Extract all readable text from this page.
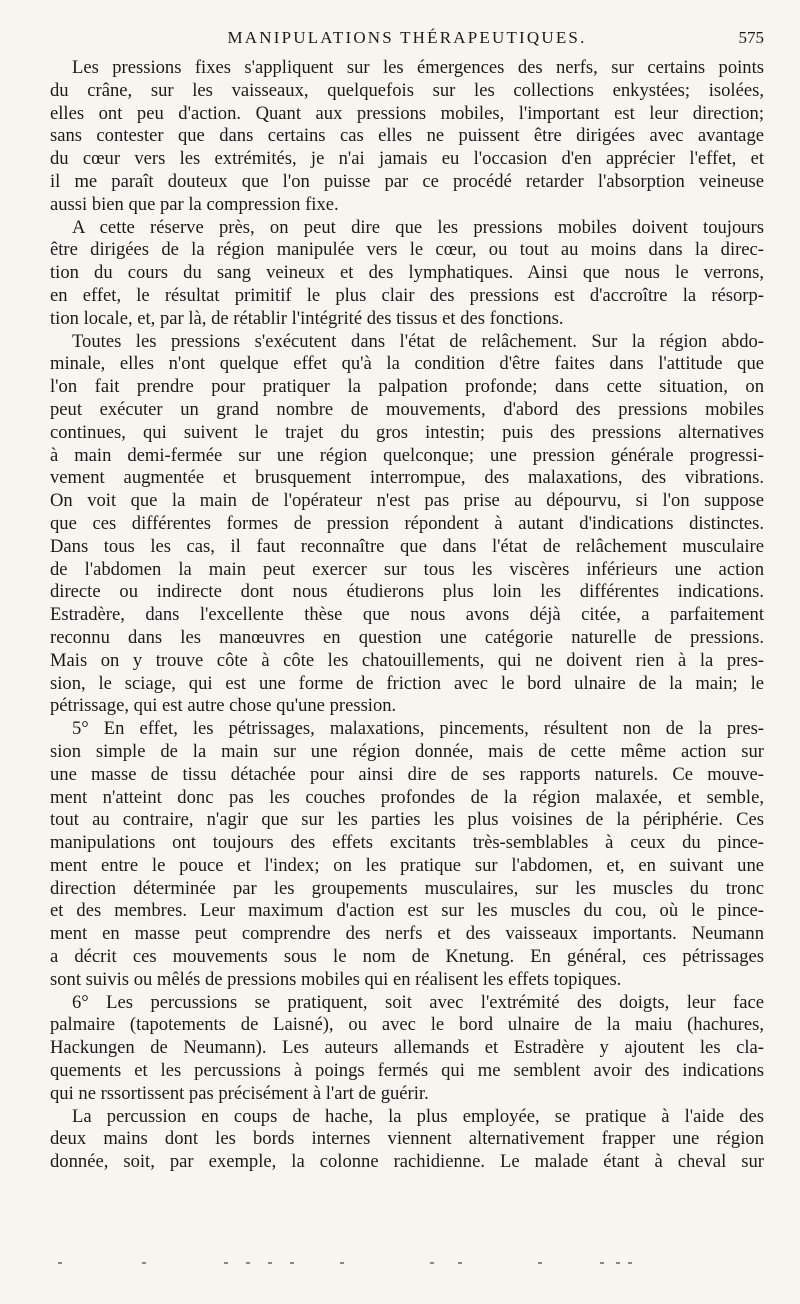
MANIPULATIONS THÉRAPEUTIQUES.	575
Les pressions fixes s'appliquent sur les émergences des nerfs, sur certains points
du crâne, sur les vaisseaux, quelquefois sur les collections enkystées; isolées,
elles ont peu d'action. Quant aux pressions mobiles, l'important est leur direction;
sans contester que dans certains cas elles ne puissent être dirigées avec avantage
du cœur vers les extrémités, je n'ai jamais eu l'occasion d'en apprécier l'effet, et
il me paraît douteux que l'on puisse par ce procédé retarder l'absorption veineuse
aussi bien que par la compression fixe.
A cette réserve près, on peut dire que les pressions mobiles doivent toujours
être dirigées de la région manipulée vers le cœur, ou tout au moins dans la direc-
tion du cours du sang veineux et des lymphatiques. Ainsi que nous le verrons,
en effet, le résultat primitif le plus clair des pressions est d'accroître la résorp-
tion locale, et, par là, de rétablir l'intégrité des tissus et des fonctions.
Toutes les pressions s'exécutent dans l'état de relâchement. Sur la région abdo-
minale, elles n'ont quelque effet qu'à la condition d'être faites dans l'attitude que
l'on fait prendre pour pratiquer la palpation profonde; dans cette situation, on
peut exécuter un grand nombre de mouvements, d'abord des pressions mobiles
continues, qui suivent le trajet du gros intestin; puis des pressions alternatives
à main demi-fermée sur une région quelconque; une pression générale progressi-
vement augmentée et brusquement interrompue, des malaxations, des vibrations.
On voit que la main de l'opérateur n'est pas prise au dépourvu, si l'on suppose
que ces différentes formes de pression répondent à autant d'indications distinctes.
Dans tous les cas, il faut reconnaître que dans l'état de relâchement musculaire
de l'abdomen la main peut exercer sur tous les viscères inférieurs une action
directe ou indirecte dont nous étudierons plus loin les différentes indications.
Estradère, dans l'excellente thèse que nous avons déjà citée, a parfaitement
reconnu dans les manœuvres en question une catégorie naturelle de pressions.
Mais on y trouve côte à côte les chatouillements, qui ne doivent rien à la pres-
sion, le sciage, qui est une forme de friction avec le bord ulnaire de la main; le
pétrissage, qui est autre chose qu'une pression.
5° En effet, les pétrissages, malaxations, pincements, résultent non de la pres-
sion simple de la main sur une région donnée, mais de cette même action sur
une masse de tissu détachée pour ainsi dire de ses rapports naturels. Ce mouve-
ment n'atteint donc pas les couches profondes de la région malaxée, et semble,
tout au contraire, n'agir que sur les parties les plus voisines de la périphérie. Ces
manipulations ont toujours des effets excitants très-semblables à ceux du pince-
ment entre le pouce et l'index; on les pratique sur l'abdomen, et, en suivant une
direction déterminée par les groupements musculaires, sur les muscles du tronc
et des membres. Leur maximum d'action est sur les muscles du cou, où le pince-
ment en masse peut comprendre des nerfs et des vaisseaux importants. Neumann
a décrit ces mouvements sous le nom de Knetung. En général, ces pétrissages
sont suivis ou mêlés de pressions mobiles qui en réalisent les effets topiques.
6° Les percussions se pratiquent, soit avec l'extrémité des doigts, leur face
palmaire (tapotements de Laisné), ou avec le bord ulnaire de la maiu (hachures,
Hackungen de Neumann). Les auteurs allemands et Estradère y ajoutent les cla-
quements et les percussions à poings fermés qui me semblent avoir des indications
qui ne rssortissent pas précisément à l'art de guérir.
La percussion en coups de hache, la plus employée, se pratique à l'aide des
deux mains dont les bords internes viennent alternativement frapper une région
donnée, soit, par exemple, la colonne rachidienne. Le malade étant à cheval sur
